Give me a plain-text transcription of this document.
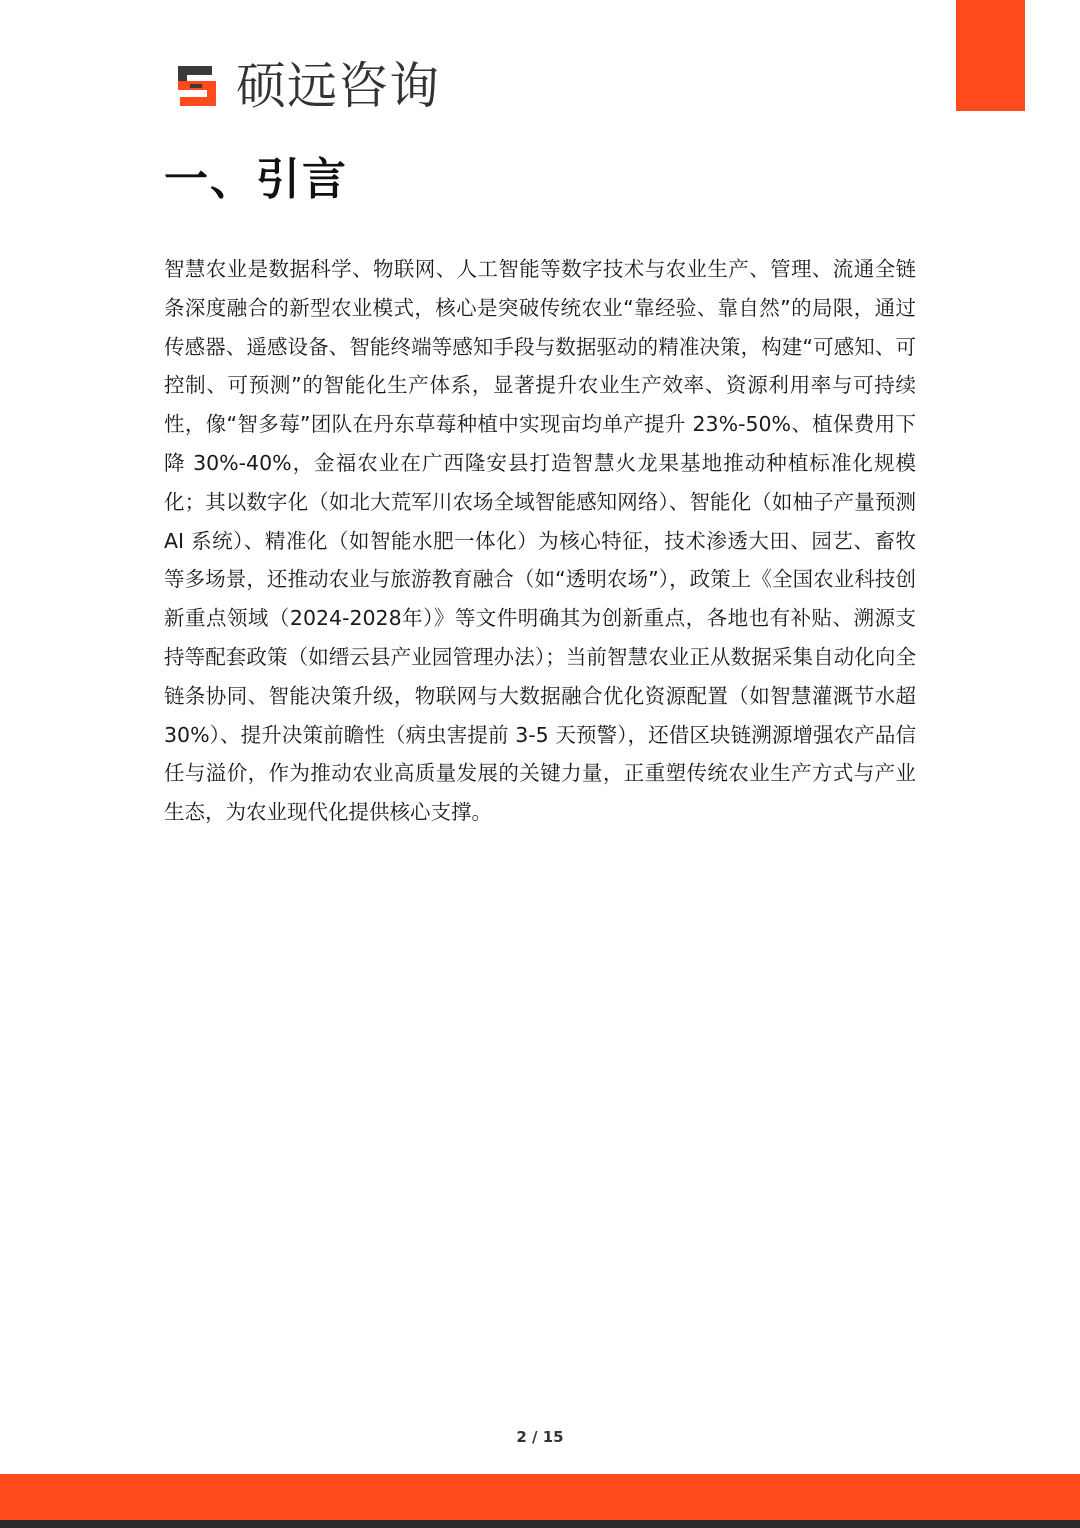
硕远咨询
一、引言

智慧农业是数据科学、物联网、人工智能等数字技术与农业生产、管理、流通全链条深度融合的新型农业模式，核心是突破传统农业“靠经验、靠自然”的局限，通过传感器、遥感设备、智能终端等感知手段与数据驱动的精准决策，构建“可感知、可控制、可预测”的智能化生产体系，显著提升农业生产效率、资源利用率与可持续性，像“智多莓”团队在丹东草莓种植中实现亩均单产提升 23%-50%、植保费用下降 30%-40%，金福农业在广西隆安县打造智慧火龙果基地推动种植标准化规模化；其以数字化（如北大荒军川农场全域智能感知网络）、智能化（如柚子产量预测 AI 系统）、精准化（如智能水肥一体化）为核心特征，技术渗透大田、园艺、畜牧等多场景，还推动农业与旅游教育融合（如“透明农场”），政策上《全国农业科技创新重点领域（2024-2028年）》等文件明确其为创新重点，各地也有补贴、溯源支持等配套政策（如缙云县产业园管理办法）；当前智慧农业正从数据采集自动化向全链条协同、智能决策升级，物联网与大数据融合优化资源配置（如智慧灌溉节水超 30%）、提升决策前瞻性（病虫害提前 3-5 天预警），还借区块链溯源增强农产品信任与溢价，作为推动农业高质量发展的关键力量，正重塑传统农业生产方式与产业生态，为农业现代化提供核心支撑。

2 / 15
